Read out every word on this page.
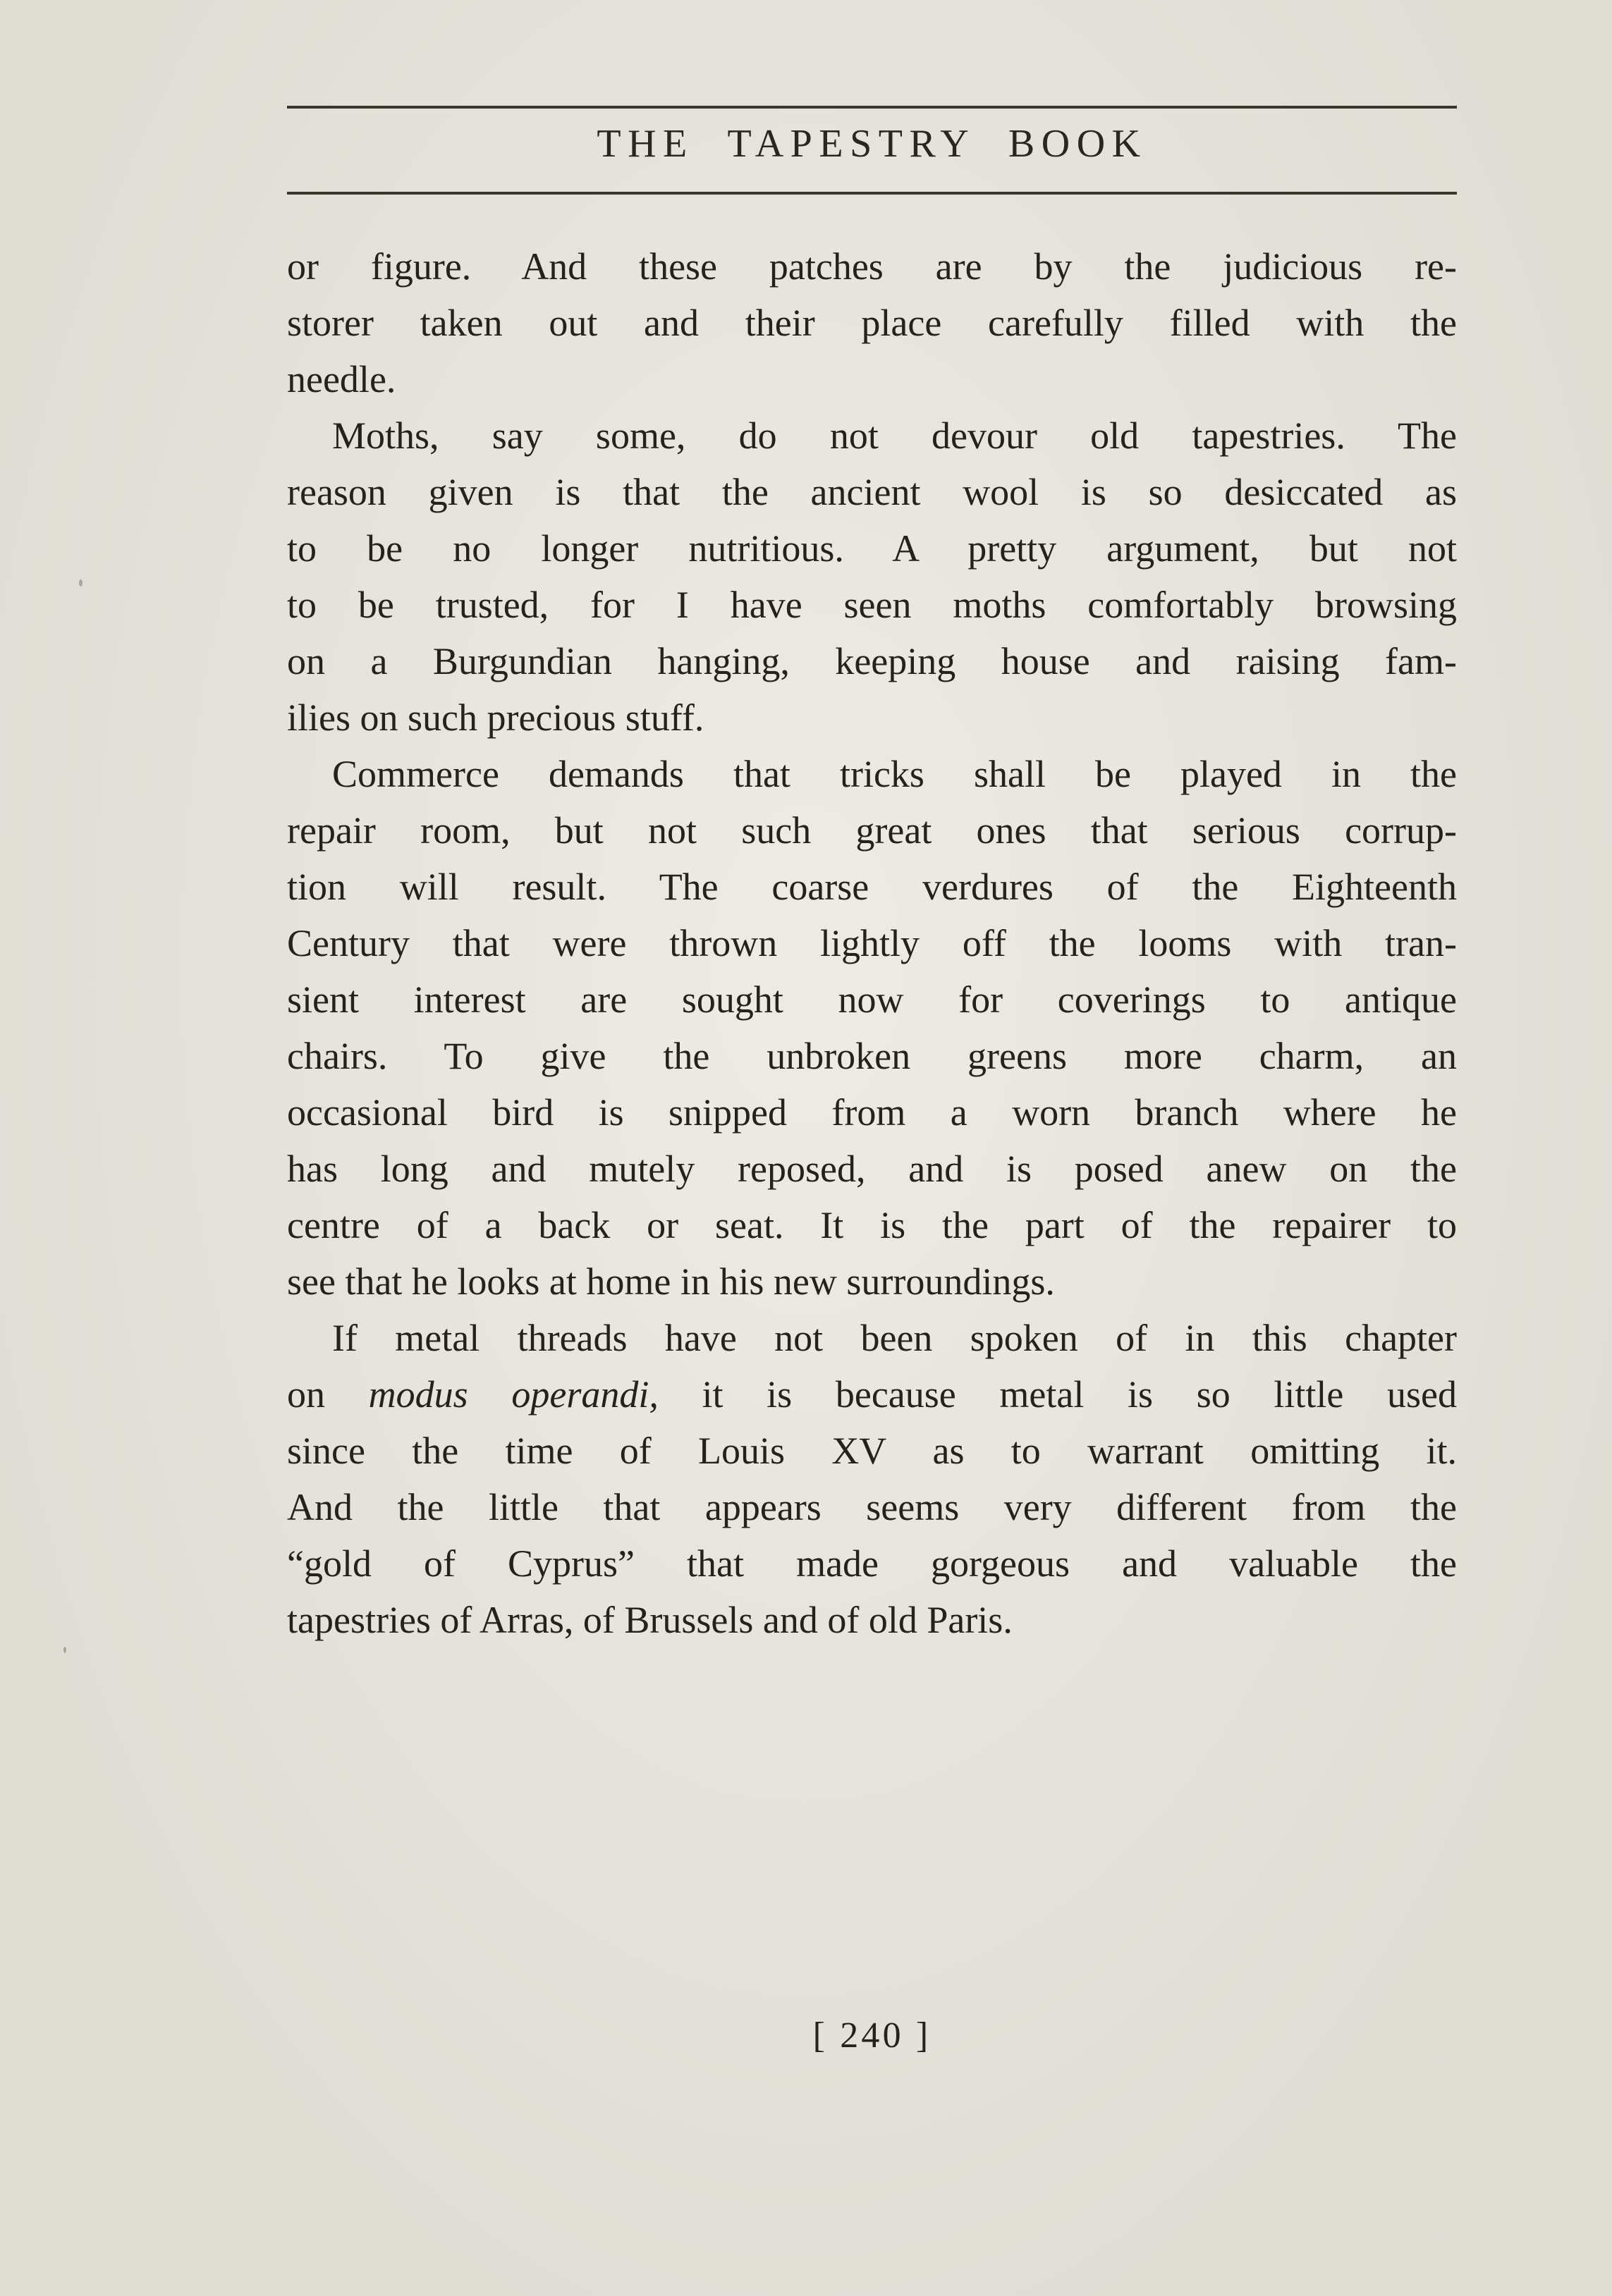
THE TAPESTRY BOOK
or figure. And these patches are by the judicious re-
storer taken out and their place carefully filled with the
needle.
Moths, say some, do not devour old tapestries. The
reason given is that the ancient wool is so desiccated as
to be no longer nutritious. A pretty argument, but not
to be trusted, for I have seen moths comfortably browsing
on a Burgundian hanging, keeping house and raising fam-
ilies on such precious stuff.
Commerce demands that tricks shall be played in the
repair room, but not such great ones that serious corrup-
tion will result. The coarse verdures of the Eighteenth
Century that were thrown lightly off the looms with tran-
sient interest are sought now for coverings to antique
chairs. To give the unbroken greens more charm, an
occasional bird is snipped from a worn branch where he
has long and mutely reposed, and is posed anew on the
centre of a back or seat. It is the part of the repairer to
see that he looks at home in his new surroundings.
If metal threads have not been spoken of in this chapter
on modus operandi, it is because metal is so little used
since the time of Louis XV as to warrant omitting it.
And the little that appears seems very different from the
“gold of Cyprus” that made gorgeous and valuable the
tapestries of Arras, of Brussels and of old Paris.
[ 240 ]
